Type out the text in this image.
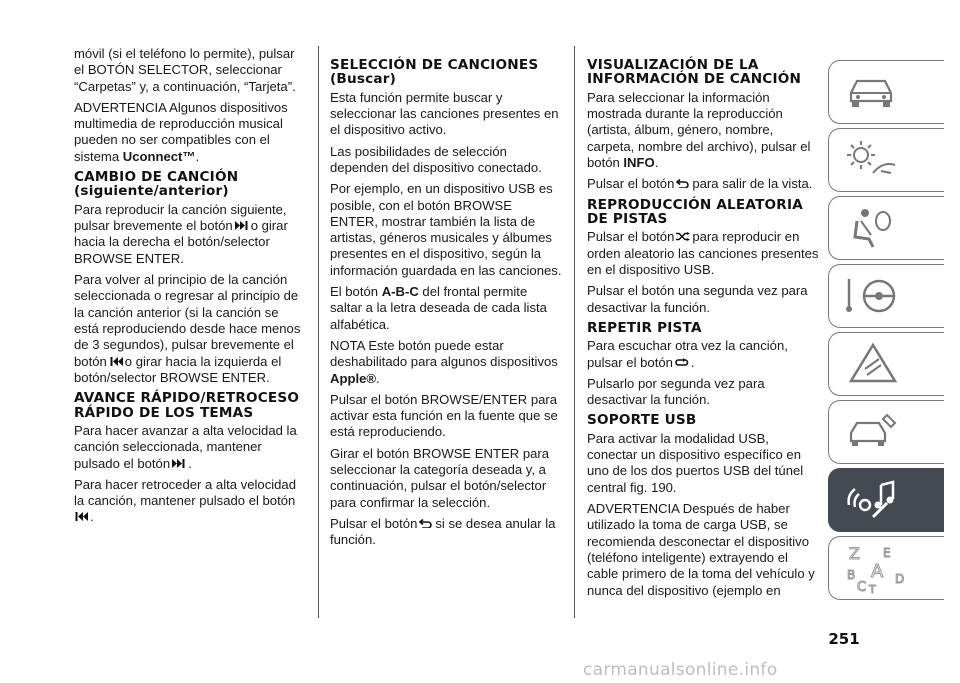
móvil (si el teléfono lo permite), pulsar el BOTÓN SELECTOR, seleccionar “Carpetas” y, a continuación, “Tarjeta”.

ADVERTENCIA Algunos dispositivos multimedia de reproducción musical pueden no ser compatibles con el sistema Uconnect™.

CAMBIO DE CANCIÓN (siguiente/anterior)

Para reproducir la canción siguiente, pulsar brevemente el botón o girar hacia la derecha el botón/selector BROWSE ENTER.

Para volver al principio de la canción seleccionada o regresar al principio de la canción anterior (si la canción se está reproduciendo desde hace menos de 3 segundos), pulsar brevemente el botón o girar hacia la izquierda el botón/selector BROWSE ENTER.

AVANCE RÁPIDO/RETROCESO RÁPIDO DE LOS TEMAS

Para hacer avanzar a alta velocidad la canción seleccionada, mantener pulsado el botón .

Para hacer retroceder a alta velocidad la canción, mantener pulsado el botón
.

SELECCIÓN DE CANCIONES (Buscar)

Esta función permite buscar y seleccionar las canciones presentes en el dispositivo activo.

Las posibilidades de selección dependen del dispositivo conectado.

Por ejemplo, en un dispositivo USB es posible, con el botón BROWSE ENTER, mostrar también la lista de artistas, géneros musicales y álbumes presentes en el dispositivo, según la información guardada en las canciones.

El botón A-B-C del frontal permite saltar a la letra deseada de cada lista alfabética.

NOTA Este botón puede estar deshabilitado para algunos dispositivos Apple®.

Pulsar el botón BROWSE/ENTER para activar esta función en la fuente que se está reproduciendo.

Girar el botón BROWSE ENTER para seleccionar la categoría deseada y, a continuación, pulsar el botón/selector para confirmar la selección.

Pulsar el botón si se desea anular la función.

VISUALIZACIÓN DE LA INFORMACIÓN DE CANCIÓN

Para seleccionar la información mostrada durante la reproducción (artista, álbum, género, nombre, carpeta, nombre del archivo), pulsar el botón INFO.

Pulsar el botón para salir de la vista.

REPRODUCCIÓN ALEATORIA DE PISTAS

Pulsar el botón para reproducir en orden aleatorio las canciones presentes en el dispositivo USB.

Pulsar el botón una segunda vez para desactivar la función.

REPETIR PISTA

Para escuchar otra vez la canción, pulsar el botón .

Pulsarlo por segunda vez para desactivar la función.

SOPORTE USB

Para activar la modalidad USB, conectar un dispositivo específico en uno de los dos puertos USB del túnel central fig. 190.

ADVERTENCIA Después de haber utilizado la toma de carga USB, se recomienda desconectar el dispositivo (teléfono inteligente) extrayendo el cable primero de la toma del vehículo y nunca del dispositivo (ejemplo en

Z E
B A
C T
D
251
carmanualsonline.info
